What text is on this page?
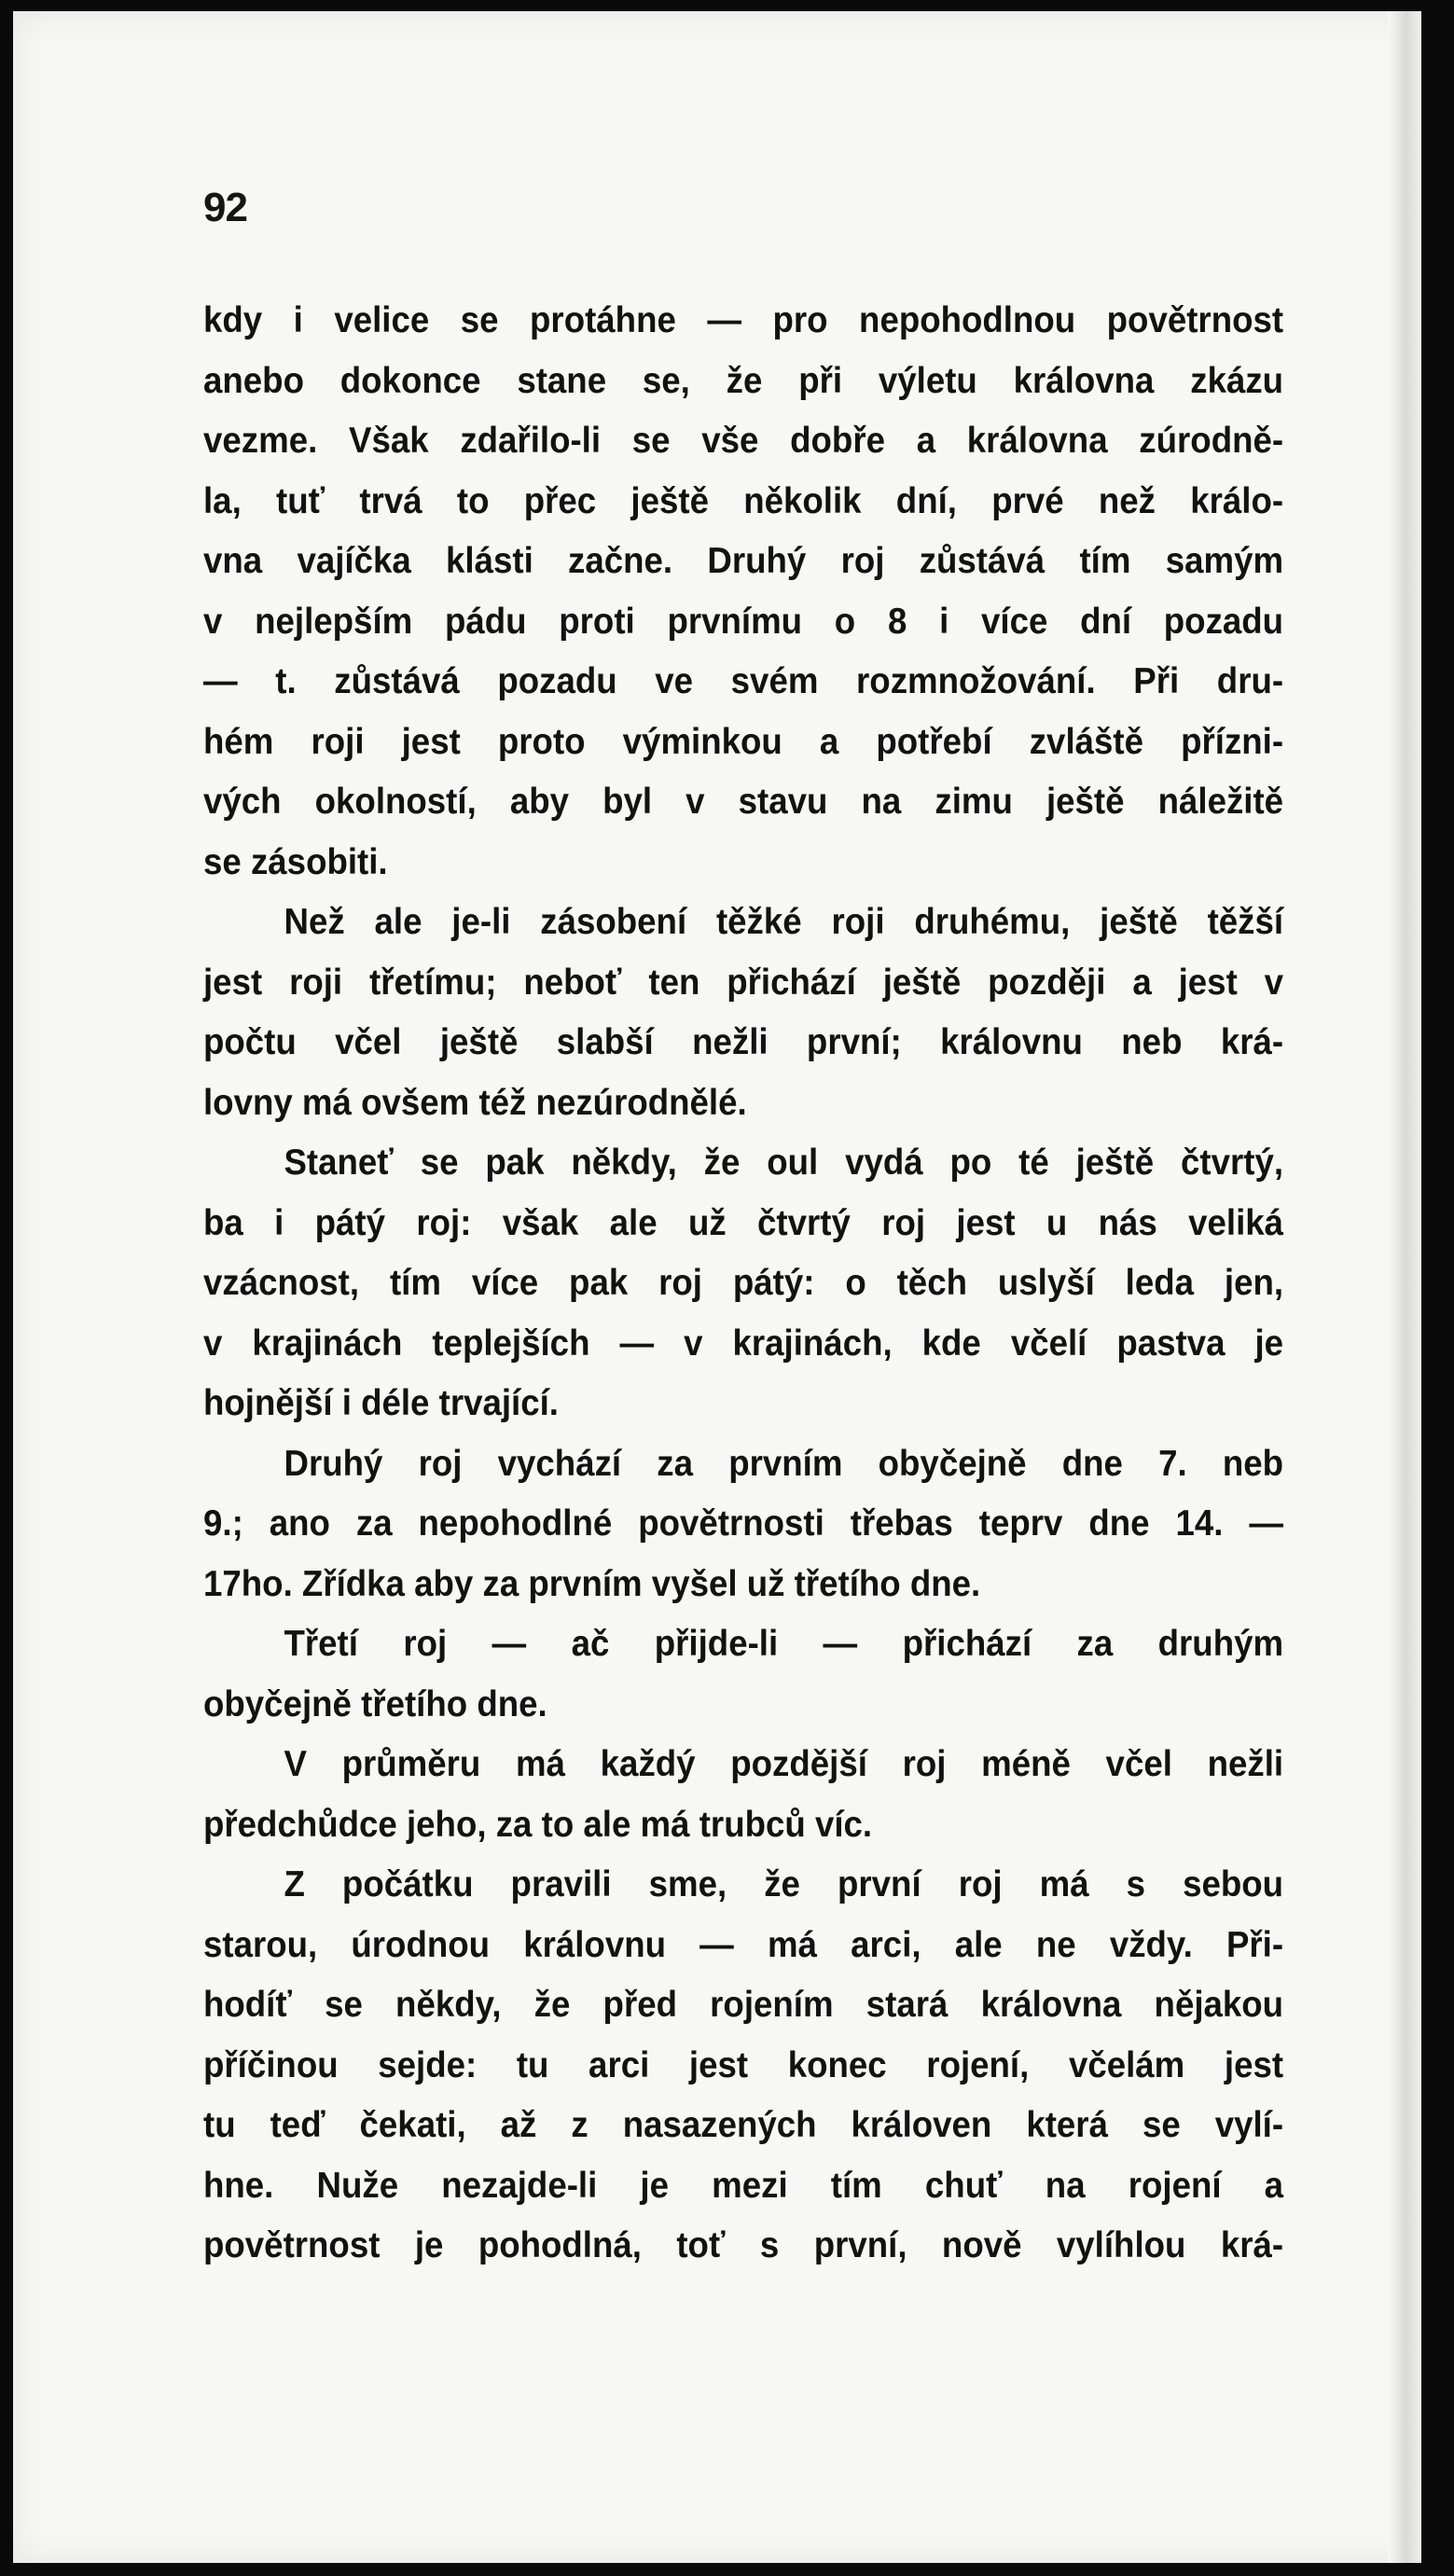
92
kdy i velice se protáhne — pro nepohodlnou povětrnost
anebo dokonce stane se, že při výletu královna zkázu
vezme. Však zdařilo-li se vše dobře a královna zúrodně-
la, tuť trvá to přec ještě několik dní, prvé než králo-
vna vajíčka klásti začne. Druhý roj zůstává tím samým
v nejlepším pádu proti prvnímu o 8 i více dní pozadu
— t. zůstává pozadu ve svém rozmnožování. Při dru-
hém roji jest proto výminkou a potřebí zvláště přízni-
vých okolností, aby byl v stavu na zimu ještě náležitě
se zásobiti.
Než ale je-li zásobení těžké roji druhému, ještě těžší
jest roji třetímu; neboť ten přichází ještě později a jest v
počtu včel ještě slabší nežli první; královnu neb krá-
lovny má ovšem též nezúrodnělé.
Staneť se pak někdy, že oul vydá po té ještě čtvrtý,
ba i pátý roj: však ale už čtvrtý roj jest u nás veliká
vzácnost, tím více pak roj pátý: o těch uslyší leda jen,
v krajinách teplejších — v krajinách, kde včelí pastva je
hojnější i déle trvající.
Druhý roj vychází za prvním obyčejně dne 7. neb
9.; ano za nepohodlné povětrnosti třebas teprv dne 14. —
17ho. Zřídka aby za prvním vyšel už třetího dne.
Třetí roj — ač přijde-li — přichází za druhým
obyčejně třetího dne.
V průměru má každý pozdější roj méně včel nežli
předchůdce jeho, za to ale má trubců víc.
Z počátku pravili sme, že první roj má s sebou
starou, úrodnou královnu — má arci, ale ne vždy. Při-
hodíť se někdy, že před rojením stará královna nějakou
příčinou sejde: tu arci jest konec rojení, včelám jest
tu teď čekati, až z nasazených královen která se vylí-
hne. Nuže nezajde-li je mezi tím chuť na rojení a
povětrnost je pohodlná, toť s první, nově vylíhlou krá-
